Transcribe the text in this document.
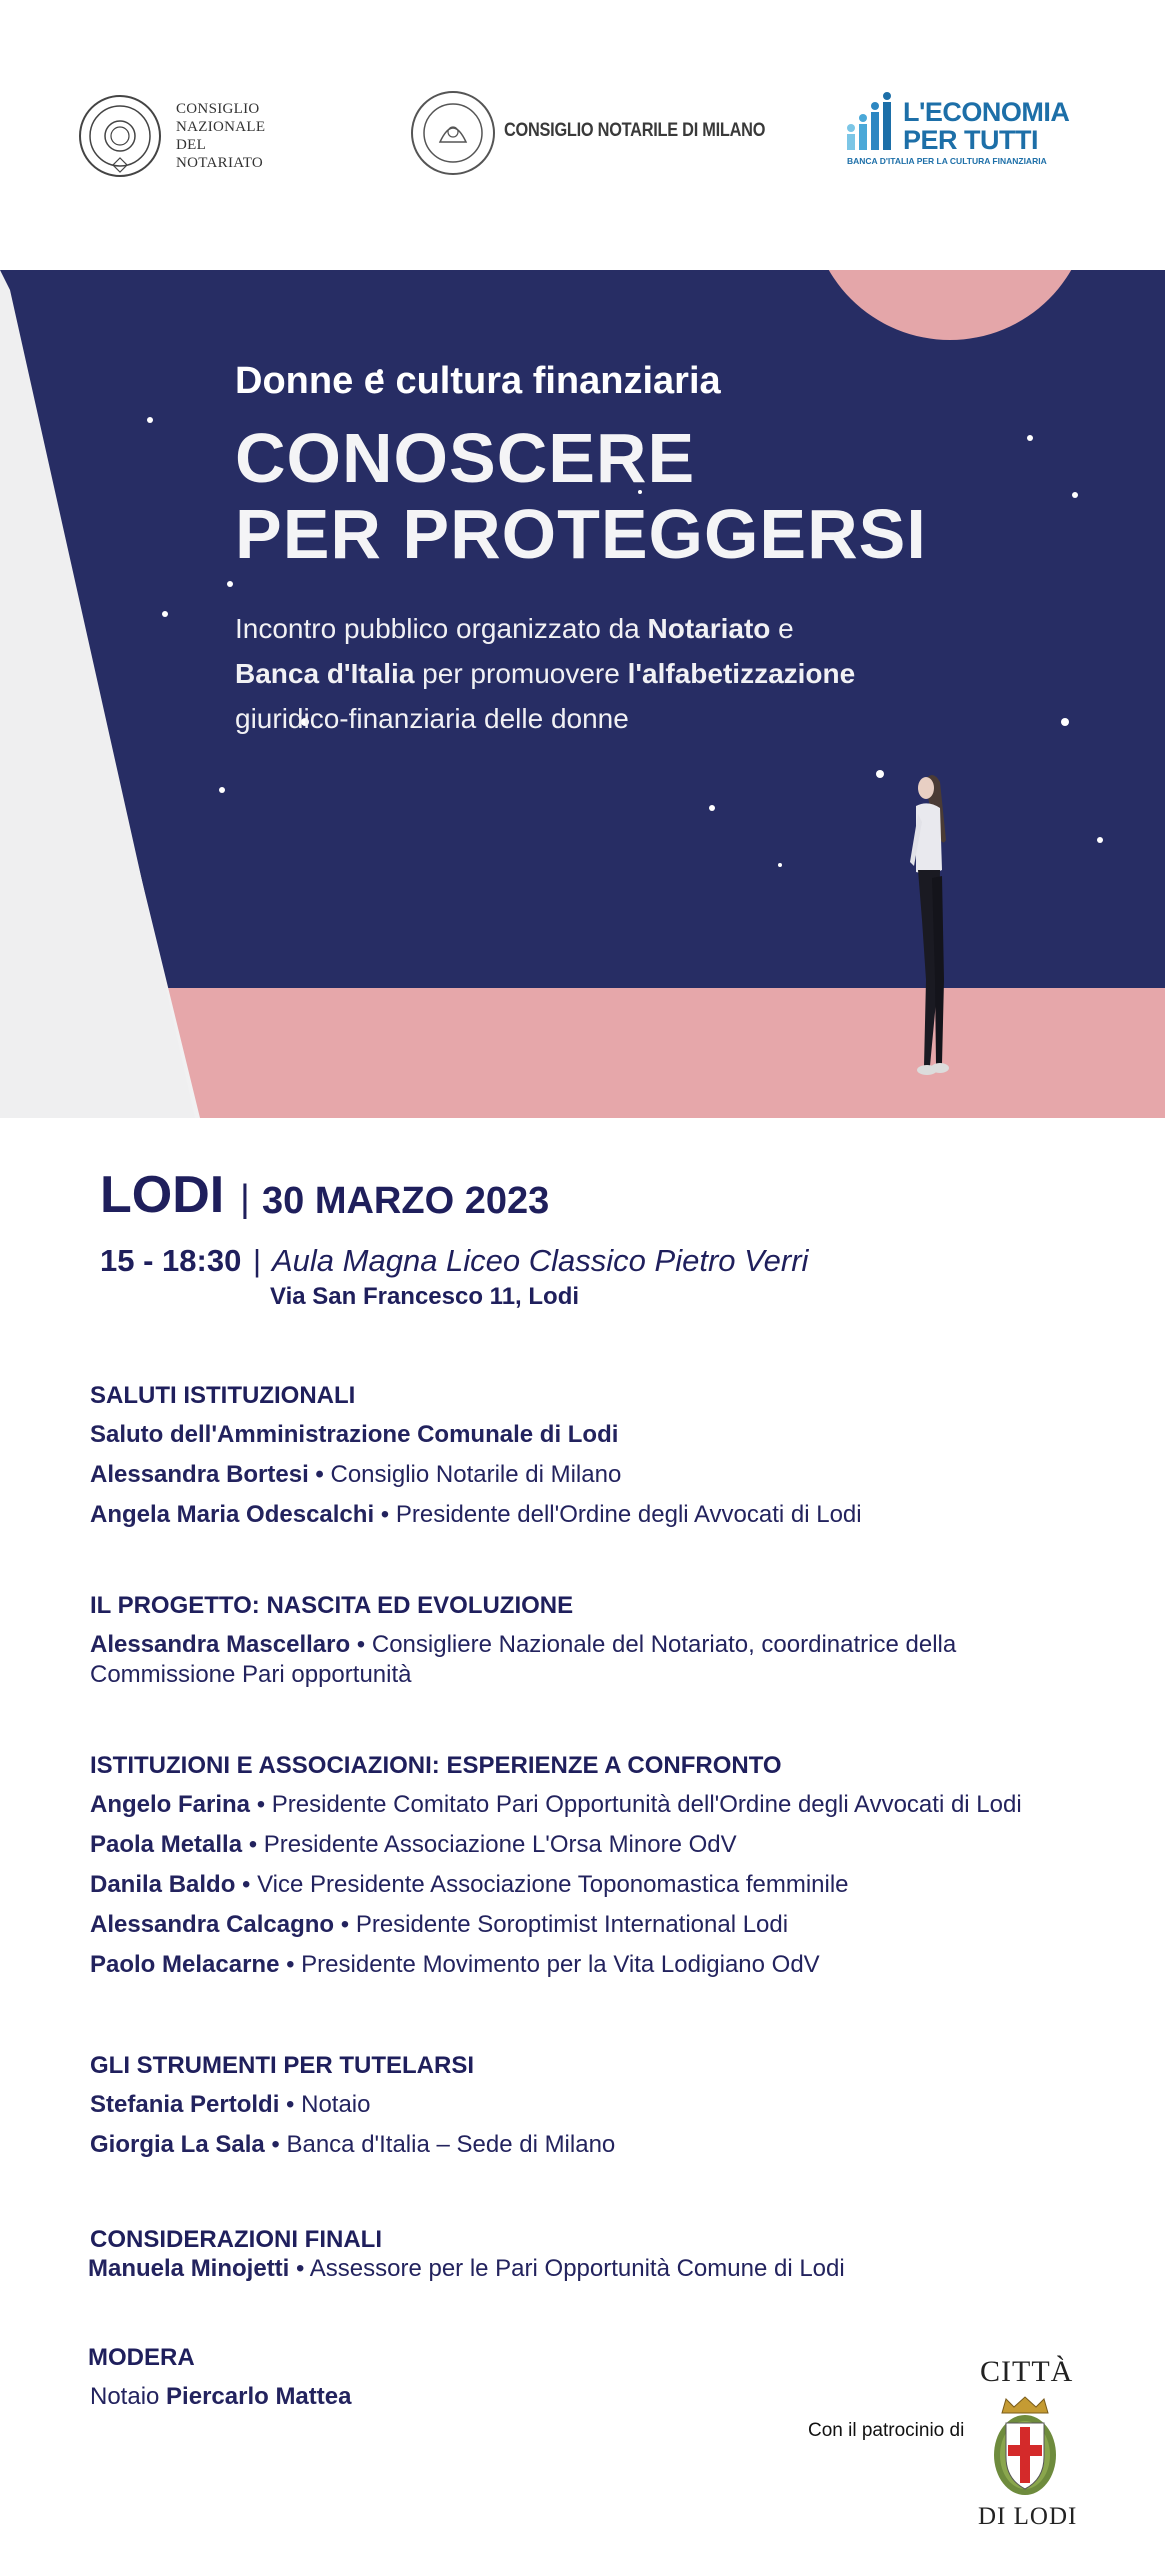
CONSIGLIO
NAZIONALE
DEL
NOTARIATO
CONSIGLIO NOTARILE DI MILANO
L'ECONOMIA
PER TUTTI
BANCA D'ITALIA PER LA CULTURA FINANZIARIA
Donne e cultura finanziaria
CONOSCERE
PER PROTEGGERSI
Incontro pubblico organizzato da Notariato e
Banca d'Italia per promuovere l'alfabetizzazione
giuridico-finanziaria delle donne
LODI | 30 MARZO 2023
15 - 18:30 | Aula Magna Liceo Classico Pietro Verri
Via San Francesco 11, Lodi
SALUTI ISTITUZIONALI
Saluto dell'Amministrazione Comunale di Lodi
Alessandra Bortesi • Consiglio Notarile di Milano
Angela Maria Odescalchi • Presidente dell'Ordine degli Avvocati di Lodi
IL PROGETTO: NASCITA ED EVOLUZIONE
Alessandra Mascellaro • Consigliere Nazionale del Notariato, coordinatrice della Commissione Pari opportunità
ISTITUZIONI E ASSOCIAZIONI: ESPERIENZE A CONFRONTO
Angelo Farina • Presidente Comitato Pari Opportunità dell'Ordine degli Avvocati di Lodi
Paola Metalla • Presidente Associazione L'Orsa Minore OdV
Danila Baldo • Vice Presidente Associazione Toponomastica femminile
Alessandra Calcagno • Presidente Soroptimist International Lodi
Paolo Melacarne • Presidente Movimento per la Vita Lodigiano OdV
GLI STRUMENTI PER TUTELARSI
Stefania Pertoldi • Notaio
Giorgia La Sala • Banca d'Italia – Sede di Milano
CONSIDERAZIONI FINALI
Manuela Minojetti • Assessore per le Pari Opportunità Comune di Lodi
MODERA
Notaio Piercarlo Mattea
Con il patrocinio di
CITTÀ
DI LODI
